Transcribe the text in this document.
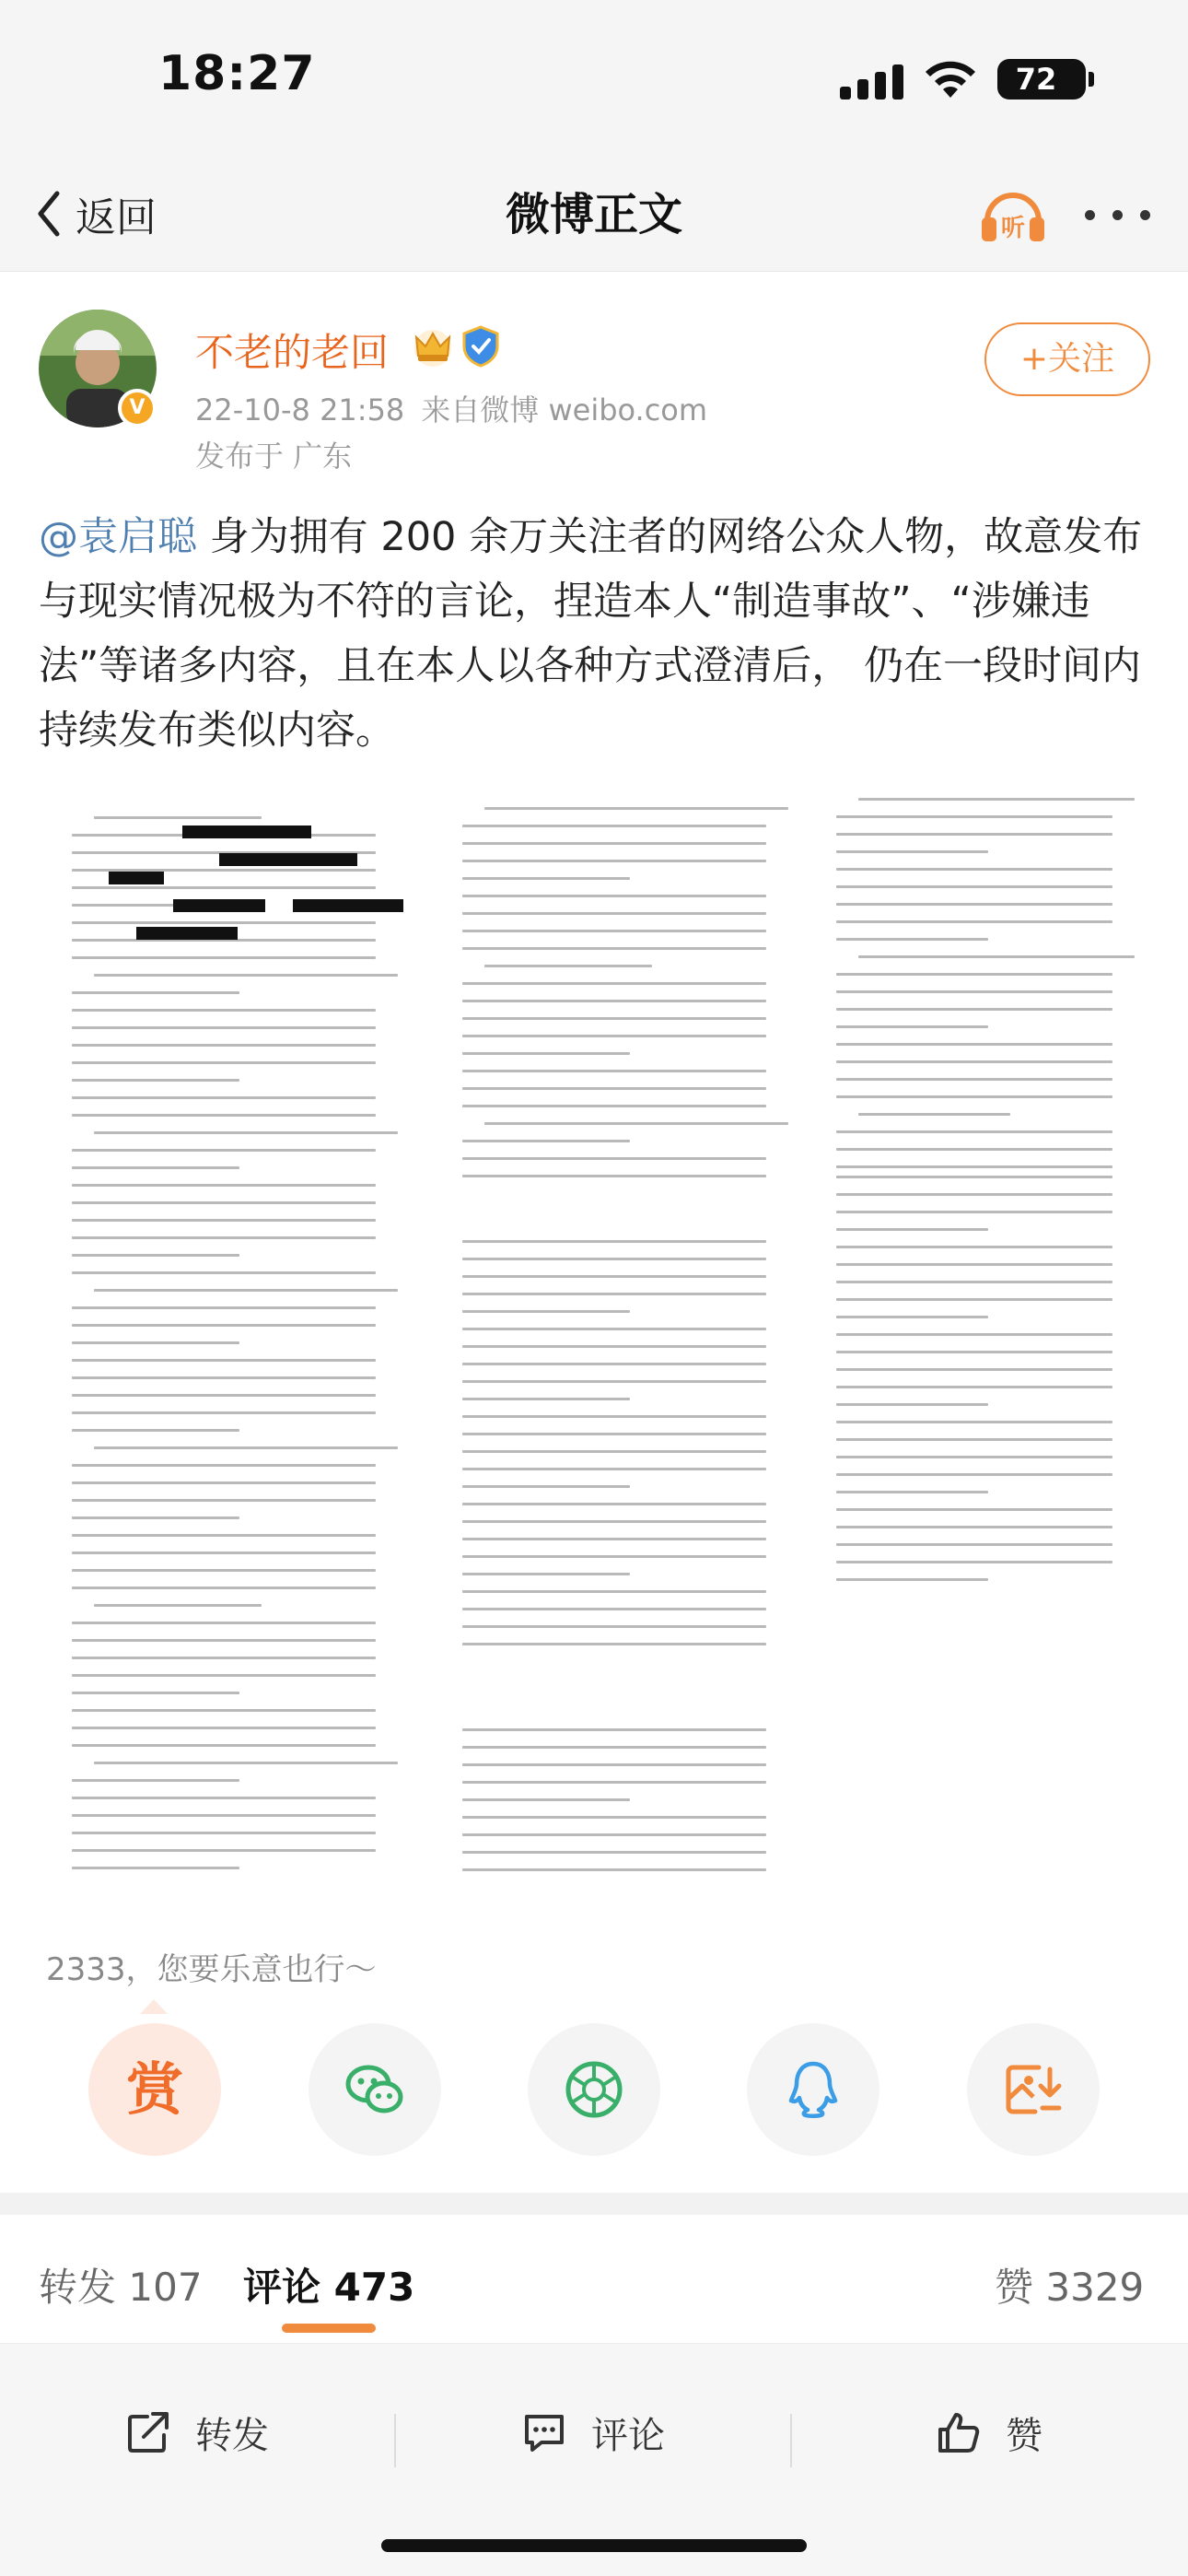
18:27	72
返回	微博正文	听
V
不老的老回
22-10-8 21:58 来自微博 weibo.com
发布于 广东
+关注
@袁启聪 身为拥有 200 余万关注者的网络公众人物，故意发布与现实情况极为不符的言论，捏造本人“制造事故”、“涉嫌违法”等诸多内容，且在本人以各种方式澄清后， 仍在一段时间内持续发布类似内容。
2333，您要乐意也行～
赏
转发 107 评论 473	赞 3329
转发	评论	赞
